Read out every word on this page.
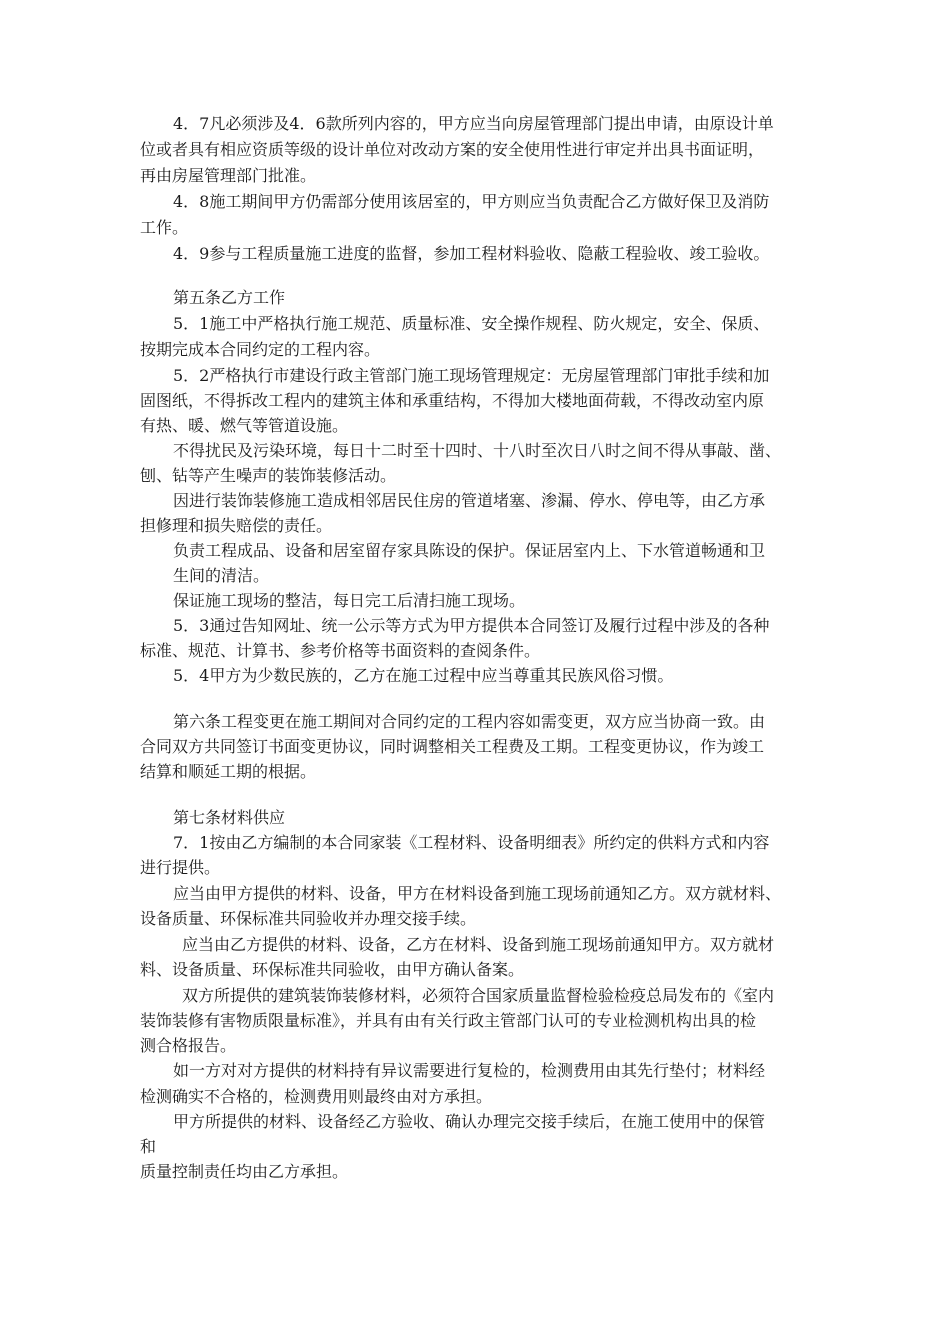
4．7凡必须涉及4．6款所列内容的，甲方应当向房屋管理部门提出申请，由原设计单
位或者具有相应资质等级的设计单位对改动方案的安全使用性进行审定并出具书面证明，
再由房屋管理部门批准。
4．8施工期间甲方仍需部分使用该居室的，甲方则应当负责配合乙方做好保卫及消防
工作。
4．9参与工程质量施工进度的监督，参加工程材料验收、隐蔽工程验收、竣工验收。
第五条乙方工作
5．1施工中严格执行施工规范、质量标准、安全操作规程、防火规定，安全、保质、
按期完成本合同约定的工程内容。
5．2严格执行市建设行政主管部门施工现场管理规定：无房屋管理部门审批手续和加
固图纸，不得拆改工程内的建筑主体和承重结构，不得加大楼地面荷载，不得改动室内原
有热、暖、燃气等管道设施。
不得扰民及污染环境，每日十二时至十四时、十八时至次日八时之间不得从事敲、凿、
刨、钻等产生噪声的装饰装修活动。
因进行装饰装修施工造成相邻居民住房的管道堵塞、渗漏、停水、停电等，由乙方承
担修理和损失赔偿的责任。
负责工程成品、设备和居室留存家具陈设的保护。保证居室内上、下水管道畅通和卫
生间的清洁。
保证施工现场的整洁，每日完工后清扫施工现场。
5．3通过告知网址、统一公示等方式为甲方提供本合同签订及履行过程中涉及的各种
标准、规范、计算书、参考价格等书面资料的查阅条件。
5．4甲方为少数民族的，乙方在施工过程中应当尊重其民族风俗习惯。
第六条工程变更在施工期间对合同约定的工程内容如需变更，双方应当协商一致。由
合同双方共同签订书面变更协议，同时调整相关工程费及工期。工程变更协议，作为竣工
结算和顺延工期的根据。
第七条材料供应
7．1按由乙方编制的本合同家装《工程材料、设备明细表》所约定的供料方式和内容
进行提供。
应当由甲方提供的材料、设备，甲方在材料设备到施工现场前通知乙方。双方就材料、
设备质量、环保标准共同验收并办理交接手续。
应当由乙方提供的材料、设备，乙方在材料、设备到施工现场前通知甲方。双方就材
料、设备质量、环保标准共同验收，由甲方确认备案。
双方所提供的建筑装饰装修材料，必须符合国家质量监督检验检疫总局发布的《室内
装饰装修有害物质限量标准》，并具有由有关行政主管部门认可的专业检测机构出具的检
测合格报告。
如一方对对方提供的材料持有异议需要进行复检的，检测费用由其先行垫付；材料经
检测确实不合格的，检测费用则最终由对方承担。
甲方所提供的材料、设备经乙方验收、确认办理完交接手续后，在施工使用中的保管
和
质量控制责任均由乙方承担。
